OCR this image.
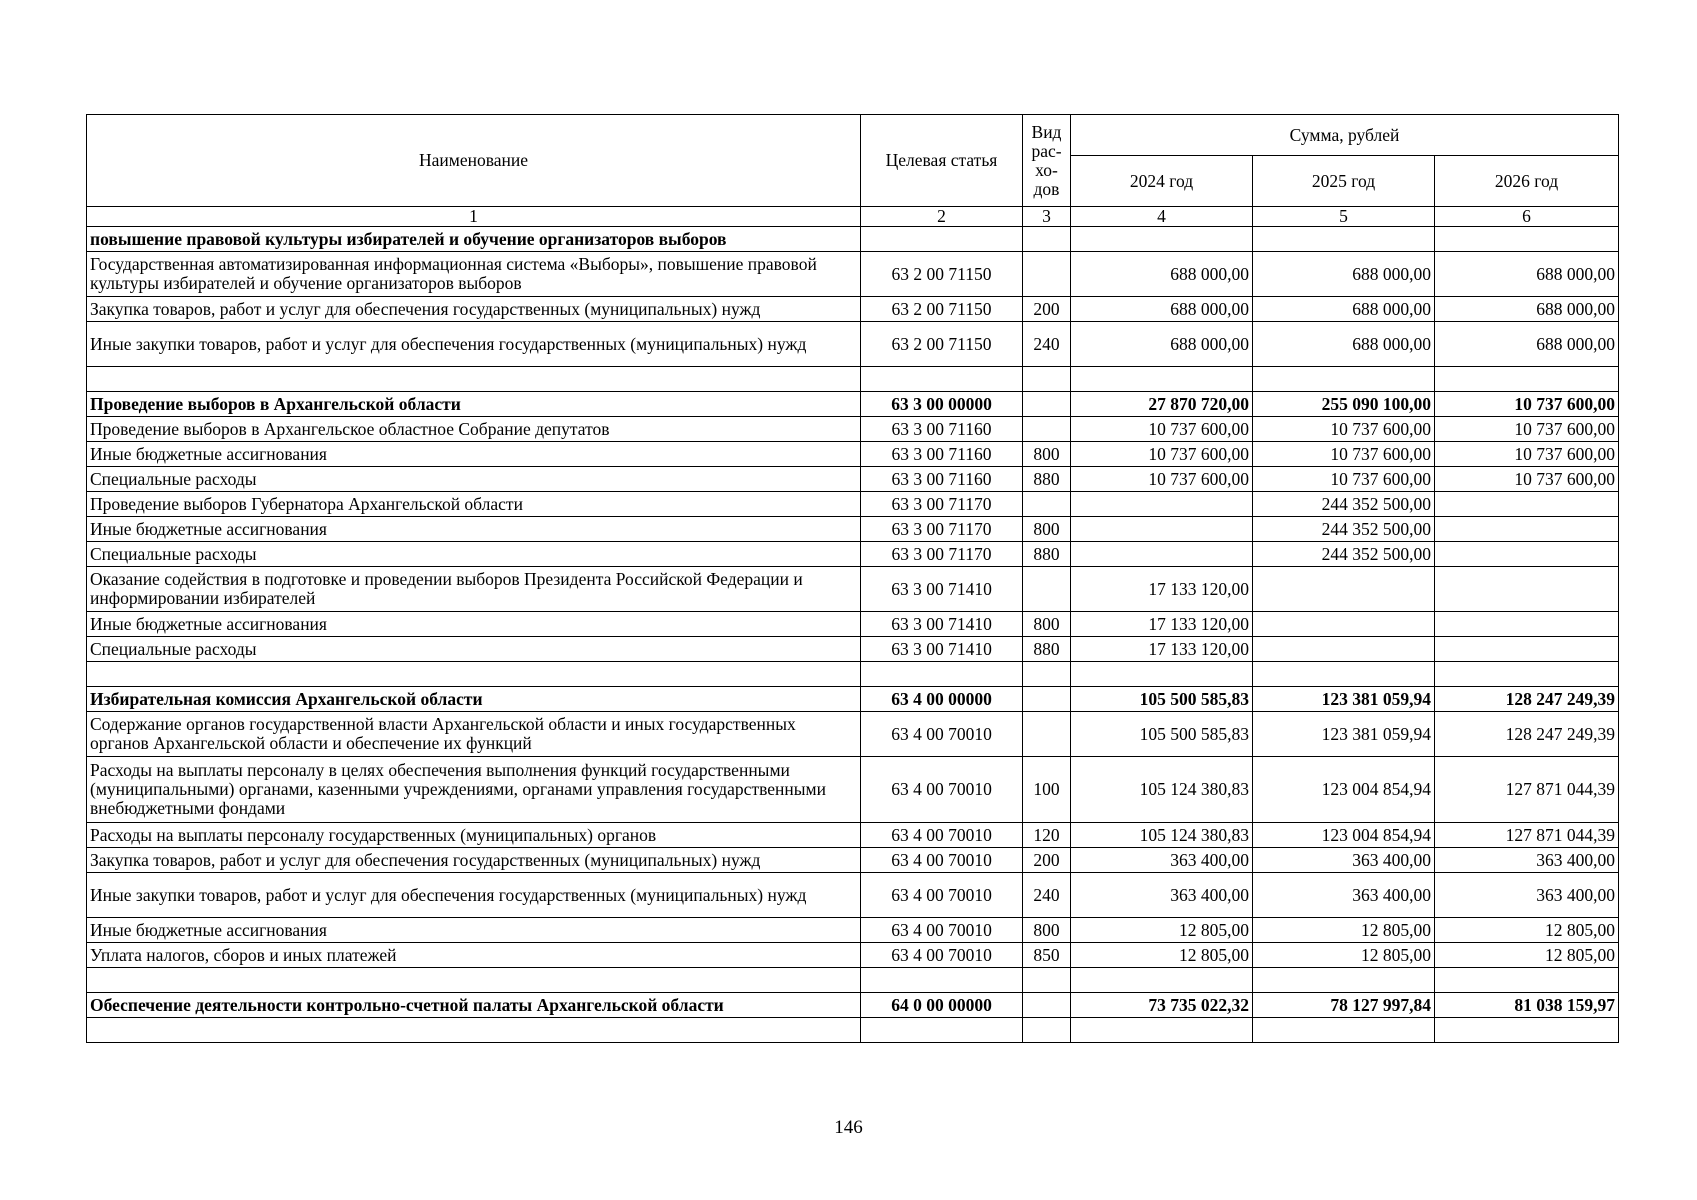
Наименование	Целевая статья	Вид рас-хо-дов	Сумма, рублей		
			2024 год	2025 год	2026 год
1	2	3	4	5	6
повышение правовой культуры избирателей и обучение организаторов выборов					
Государственная автоматизированная информационная система «Выборы», повышение правовой культуры избирателей и обучение организаторов выборов	63 2 00 71150		688 000,00	688 000,00	688 000,00
Закупка товаров, работ и услуг для обеспечения государственных (муниципальных) нужд	63 2 00 71150	200	688 000,00	688 000,00	688 000,00
Иные закупки товаров, работ и услуг для обеспечения государственных (муниципальных) нужд	63 2 00 71150	240	688 000,00	688 000,00	688 000,00

Проведение выборов в Архангельской области	63 3 00 00000		27 870 720,00	255 090 100,00	10 737 600,00
Проведение выборов в Архангельское областное Собрание депутатов	63 3 00 71160		10 737 600,00	10 737 600,00	10 737 600,00
Иные бюджетные ассигнования	63 3 00 71160	800	10 737 600,00	10 737 600,00	10 737 600,00
Специальные расходы	63 3 00 71160	880	10 737 600,00	10 737 600,00	10 737 600,00
Проведение выборов Губернатора Архангельской области	63 3 00 71170			244 352 500,00	
Иные бюджетные ассигнования	63 3 00 71170	800		244 352 500,00	
Специальные расходы	63 3 00 71170	880		244 352 500,00	
Оказание содействия в подготовке и проведении выборов Президента Российской Федерации и информировании избирателей	63 3 00 71410		17 133 120,00		
Иные бюджетные ассигнования	63 3 00 71410	800	17 133 120,00		
Специальные расходы	63 3 00 71410	880	17 133 120,00		

Избирательная комиссия Архангельской области	63 4 00 00000		105 500 585,83	123 381 059,94	128 247 249,39
Содержание органов государственной власти Архангельской области и иных государственных органов Архангельской области и обеспечение их функций	63 4 00 70010		105 500 585,83	123 381 059,94	128 247 249,39
Расходы на выплаты персоналу в целях обеспечения выполнения функций государственными (муниципальными) органами, казенными учреждениями, органами управления государственными внебюджетными фондами	63 4 00 70010	100	105 124 380,83	123 004 854,94	127 871 044,39
Расходы на выплаты персоналу государственных (муниципальных) органов	63 4 00 70010	120	105 124 380,83	123 004 854,94	127 871 044,39
Закупка товаров, работ и услуг для обеспечения государственных (муниципальных) нужд	63 4 00 70010	200	363 400,00	363 400,00	363 400,00
Иные закупки товаров, работ и услуг для обеспечения государственных (муниципальных) нужд	63 4 00 70010	240	363 400,00	363 400,00	363 400,00
Иные бюджетные ассигнования	63 4 00 70010	800	12 805,00	12 805,00	12 805,00
Уплата налогов, сборов и иных платежей	63 4 00 70010	850	12 805,00	12 805,00	12 805,00

Обеспечение деятельности контрольно-счетной палаты Архангельской области	64 0 00 00000		73 735 022,32	78 127 997,84	81 038 159,97

146
